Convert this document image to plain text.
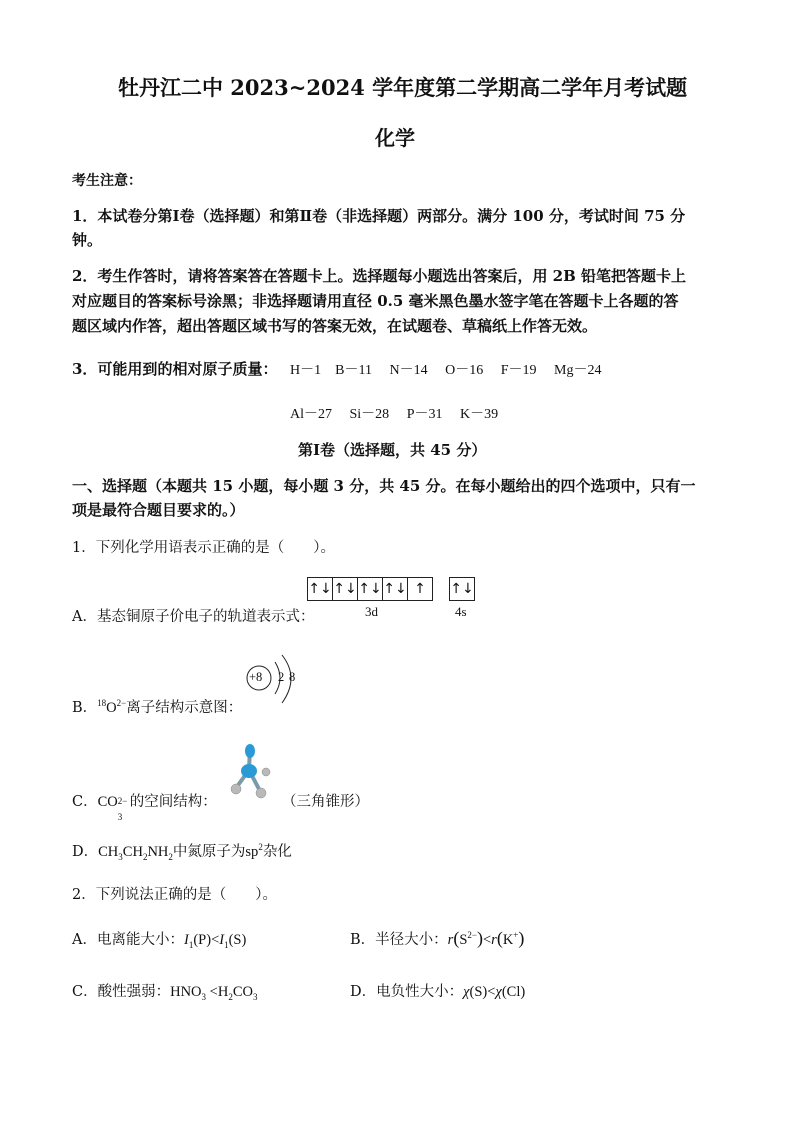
牡丹江二中 2023~2024 学年度第二学期高二学年月考试题
化学
考生注意：
1．本试卷分第Ⅰ卷（选择题）和第Ⅱ卷（非选择题）两部分。满分 100 分，考试时间 75 分
钟。
2．考生作答时，请将答案答在答题卡上。选择题每小题选出答案后，用 2B 铅笔把答题卡上
对应题目的答案标号涂黑；非选择题请用直径 0.5 毫米黑色墨水签字笔在答题卡上各题的答
题区域内作答，超出答题区域书写的答案无效，在试题卷、草稿纸上作答无效。
3．可能用到的相对原子质量： H－1 B－11 N－14 O－16 F－19 Mg－24
Al－27 Si－28 P－31 K－39
第Ⅰ卷（选择题，共 45 分）
一、选择题（本题共 15 小题，每小题 3 分，共 45 分。在每小题给出的四个选项中，只有一
项是最符合题目要求的。）
1．下列化学用语表示正确的是（　　）。
↑↓ ↑↓ ↑↓ ↑↓ ↑	↑↓
3d	4s
A．基态铜原子价电子的轨道表示式：
+8 2 8
B．$^{18}O^{2-}$离子结构示意图：
C．CO 2−
3
的空间结构：	（三角锥形）
D．$CH_3CH_2NH_2$中氮原子为$sp^2$杂化
2．下列说法正确的是（　　）。
A．电离能大小：$I_1(P)<I_1(S)$	B．半径大小：$r(S^{2-})<r(K^+)$
C．酸性强弱：$HNO_3 <H_2CO_3$	D．电负性大小：χ(S)<χ(Cl)
